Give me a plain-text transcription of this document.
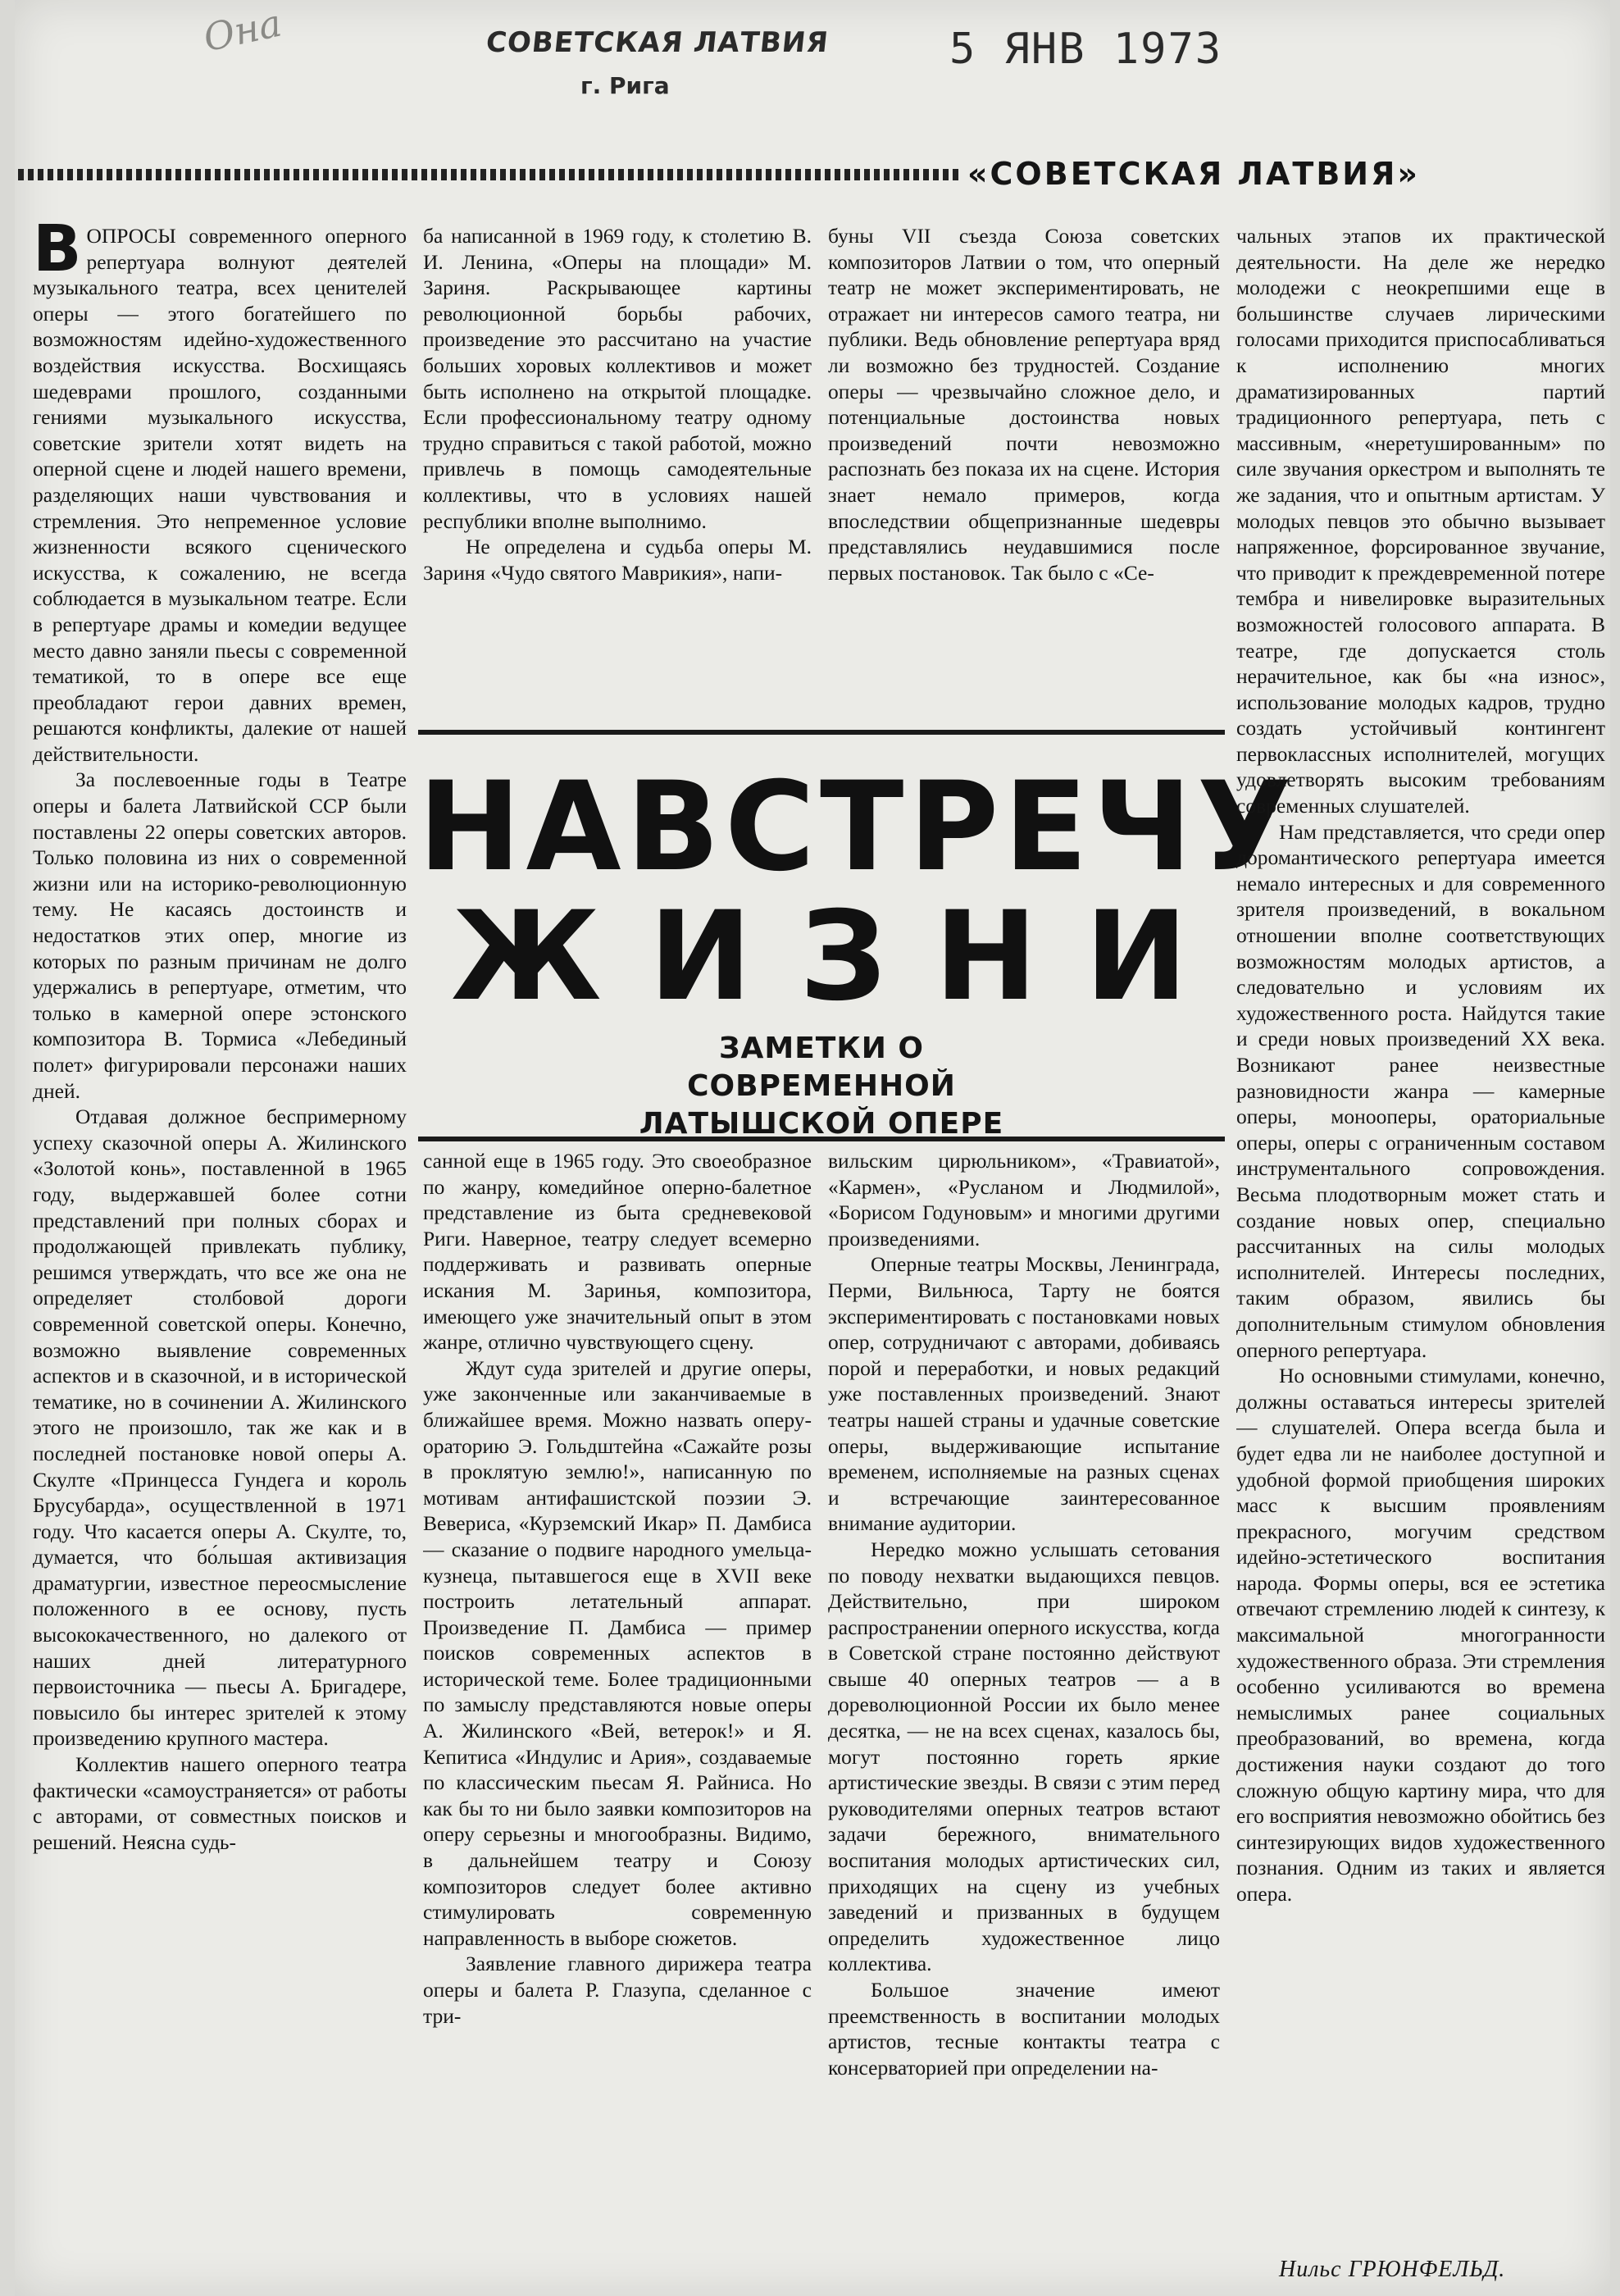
Она	СОВЕТСКАЯ ЛАТВИЯ
г. Рига
5 ЯНВ 1973
«СОВЕТСКАЯ ЛАТВИЯ»

ВОПРОСЫ современного оперного репертуара волнуют деятелей музыкального театра, всех ценителей оперы — этого богатейшего по возможностям идейно-художественного воздействия искусства. Восхищаясь шедеврами прошлого, созданными гениями музыкального искусства, советские зрители хотят видеть на оперной сцене и людей нашего времени, разделяющих наши чувствования и стремления. Это непременное условие жизненности всякого сценического искусства, к сожалению, не всегда соблюдается в музыкальном театре. Если в репертуаре драмы и комедии ведущее место давно заняли пьесы с современной тематикой, то в опере все еще преобладают герои давних времен, решаются конфликты, далекие от нашей действительности.

За послевоенные годы в Театре оперы и балета Латвийской ССР были поставлены 22 оперы советских авторов. Только половина из них о современной жизни или на историко-революционную тему. Не касаясь достоинств и недостатков этих опер, многие из которых по разным причинам не долго удержались в репертуаре, отметим, что только в камерной опере эстонского композитора В. Тормиса «Лебединый полет» фигурировали персонажи наших дней.

Отдавая должное беспримерному успеху сказочной оперы А. Жилинского «Золотой конь», поставленной в 1965 году, выдержавшей более сотни представлений при полных сборах и продолжающей привлекать публику, решимся утверждать, что все же она не определяет столбовой дороги современной советской оперы. Конечно, возможно выявление современных аспектов и в сказочной, и в исторической тематике, но в сочинении А. Жилинского этого не произошло, так же как и в последней постановке новой оперы А. Скулте «Принцесса Гундега и король Брусубарда», осуществленной в 1971 году. Что касается оперы А. Скулте, то, думается, что бо́льшая активизация драматургии, известное переосмысление положенного в ее основу, пусть высококачественного, но далекого от наших дней литературного первоисточника — пьесы А. Бригадере, повысило бы интерес зрителей к этому произведению крупного мастера.

Коллектив нашего оперного театра фактически «самоустраняется» от работы с авторами, от совместных поисков и решений. Неясна судь-

ба написанной в 1969 году, к столетию В. И. Ленина, «Оперы на площади» М. Зариня. Раскрывающее картины революционной борьбы рабочих, произведение это рассчитано на участие больших хоровых коллективов и может быть исполнено на открытой площадке. Если профессиональному театру одному трудно справиться с такой работой, можно привлечь в помощь самодеятельные коллективы, что в условиях нашей республики вполне выполнимо.

Не определена и судьба оперы М. Зариня «Чудо святого Маврикия», напи-

буны VII съезда Союза советских композиторов Латвии о том, что оперный театр не может экспериментировать, не отражает ни интересов самого театра, ни публики. Ведь обновление репертуара вряд ли возможно без трудностей. Создание оперы — чрезвычайно сложное дело, и потенциальные достоинства новых произведений почти невозможно распознать без показа их на сцене. История знает немало примеров, когда впоследствии общепризнанные шедевры представлялись неудавшимися после первых постановок. Так было с «Се-

НАВСТРЕЧУ
ЖИЗНИ
ЗАМЕТКИ О СОВРЕМЕННОЙ ЛАТЫШСКОЙ ОПЕРЕ

санной еще в 1965 году. Это своеобразное по жанру, комедийное оперно-балетное представление из быта средневековой Риги. Наверное, театру следует всемерно поддерживать и развивать оперные искания М. Заринья, композитора, имеющего уже значительный опыт в этом жанре, отлично чувствующего сцену.

Ждут суда зрителей и другие оперы, уже законченные или заканчиваемые в ближайшее время. Можно назвать оперу-ораторию Э. Гольдштейна «Сажайте розы в проклятую землю!», написанную по мотивам антифашистской поэзии Э. Вевериса, «Курземский Икар» П. Дамбиса — сказание о подвиге народного умельца-кузнеца, пытавшегося еще в XVII веке построить летательный аппарат. Произведение П. Дамбиса — пример поисков современных аспектов в исторической теме. Более традиционными по замыслу представляются новые оперы А. Жилинского «Вей, ветерок!» и Я. Кепитиса «Индулис и Ария», создаваемые по классическим пьесам Я. Райниса. Но как бы то ни было заявки композиторов на оперу серьезны и многообразны. Видимо, в дальнейшем театру и Союзу композиторов следует более активно стимулировать современную направленность в выборе сюжетов.

Заявление главного дирижера театра оперы и балета Р. Глазупа, сделанное с три-

вильским цирюльником», «Травиатой», «Кармен», «Русланом и Людмилой», «Борисом Годуновым» и многими другими произведениями.

Оперные театры Москвы, Ленинграда, Перми, Вильнюса, Тарту не боятся экспериментировать с постановками новых опер, сотрудничают с авторами, добиваясь порой и переработки, и новых редакций уже поставленных произведений. Знают театры нашей страны и удачные советские оперы, выдерживающие испытание временем, исполняемые на разных сценах и встречающие заинтересованное внимание аудитории.

Нередко можно услышать сетования по поводу нехватки выдающихся певцов. Действительно, при широком распространении оперного искусства, когда в Советской стране постоянно действуют свыше 40 оперных театров — а в дореволюционной России их было менее десятка, — не на всех сценах, казалось бы, могут постоянно гореть яркие артистические звезды. В связи с этим перед руководителями оперных театров встают задачи бережного, внимательного воспитания молодых артистических сил, приходящих на сцену из учебных заведений и призванных в будущем определить художественное лицо коллектива.

Большое значение имеют преемственность в воспитании молодых артистов, тесные контакты театра с консерваторией при определении на-

чальных этапов их практической деятельности. На деле же нередко молодежи с неокрепшими еще в большинстве случаев лирическими голосами приходится приспосабливаться к исполнению многих драматизированных партий традиционного репертуара, петь с массивным, «неретушированным» по силе звучания оркестром и выполнять те же задания, что и опытным артистам. У молодых певцов это обычно вызывает напряженное, форсированное звучание, что приводит к преждевременной потере тембра и нивелировке выразительных возможностей голосового аппарата. В театре, где допускается столь нерачительное, как бы «на износ», использование молодых кадров, трудно создать устойчивый контингент первоклассных исполнителей, могущих удовлетворять высоким требованиям современных слушателей.

Нам представляется, что среди опер доромантического репертуара имеется немало интересных и для современного зрителя произведений, в вокальном отношении вполне соответствующих возможностям молодых артистов, а следовательно и условиям их художественного роста. Найдутся такие и среди новых произведений XX века. Возникают ранее неизвестные разновидности жанра — камерные оперы, монооперы, ораториальные оперы, оперы с ограниченным составом инструментального сопровождения. Весьма плодотворным может стать и создание новых опер, специально рассчитанных на силы молодых исполнителей. Интересы последних, таким образом, явились бы дополнительным стимулом обновления оперного репертуара.

Но основными стимулами, конечно, должны оставаться интересы зрителей — слушателей. Опера всегда была и будет едва ли не наиболее доступной и удобной формой приобщения широких масс к высшим проявлениям прекрасного, могучим средством идейно-эстетического воспитания народа. Формы оперы, вся ее эстетика отвечают стремлению людей к синтезу, к максимальной многогранности художественного образа. Эти стремления особенно усиливаются во времена немыслимых ранее социальных преобразований, во времена, когда достижения науки создают до того сложную общую картину мира, что для его восприятия невозможно обойтись без синтезирующих видов художественного познания. Одним из таких и является опера.

Нильс ГРЮНФЕЛЬД.
